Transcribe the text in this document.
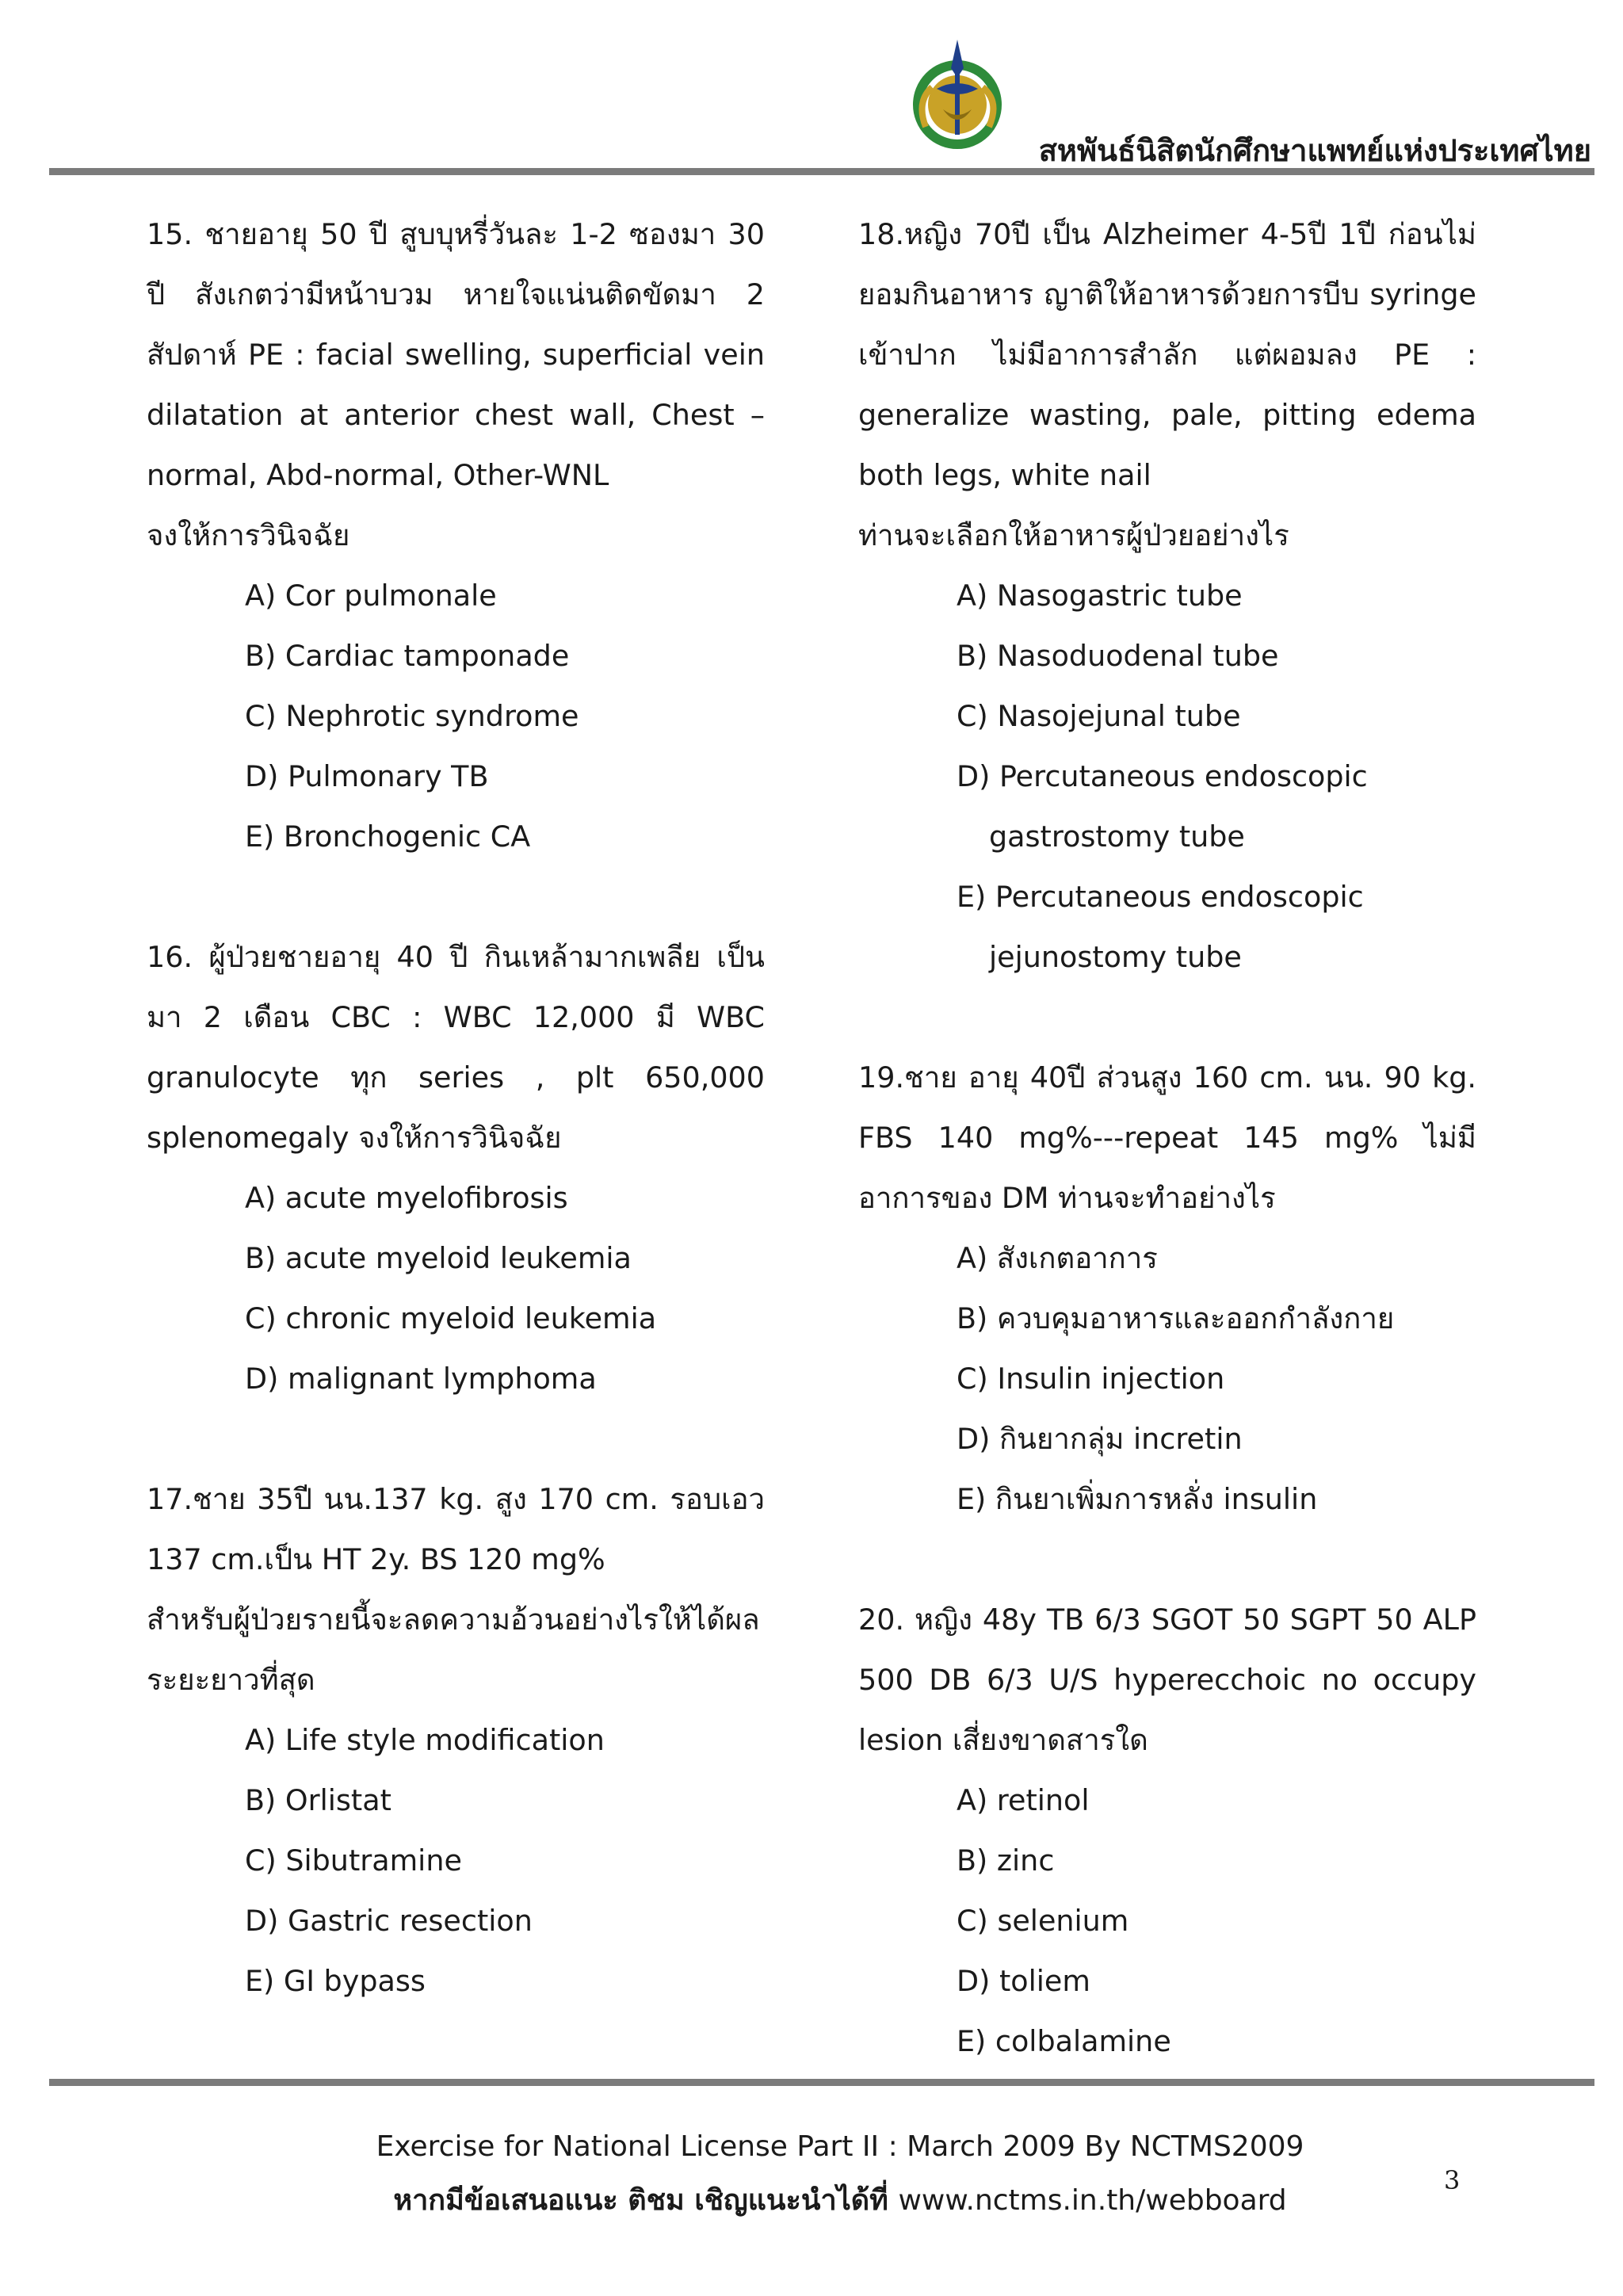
สหพันธ์นิสิตนักศึกษาแพทย์แห่งประเทศไทย

15. ชายอายุ 50 ปี สูบบุหรี่วันละ 1-2 ซองมา 30 ปี สังเกตว่ามีหน้าบวม หายใจแน่นติดขัดมา 2 สัปดาห์ PE : facial swelling, superficial vein dilatation at anterior chest wall, Chest –normal, Abd-normal, Other-WNL
จงให้การวินิจฉัย
A) Cor pulmonale
B) Cardiac tamponade
C) Nephrotic syndrome
D) Pulmonary TB
E) Bronchogenic CA
16. ผู้ป่วยชายอายุ 40 ปี กินเหล้ามากเพลีย เป็นมา 2 เดือน CBC : WBC 12,000 มี WBC granulocyte ทุก series , plt 650,000 splenomegaly จงให้การวินิจฉัย
A) acute myelofibrosis
B) acute myeloid leukemia
C) chronic myeloid leukemia
D) malignant lymphoma
17.ชาย 35ปี นน.137 kg. สูง 170 cm. รอบเอว 137 cm.เป็น HT 2y. BS 120 mg%
สำหรับผู้ป่วยรายนี้จะลดความอ้วนอย่างไรให้ได้ผลระยะยาวที่สุด
A) Life style modification
B) Orlistat
C) Sibutramine
D) Gastric resection
E) GI bypass
18.หญิง 70ปี เป็น Alzheimer 4-5ปี 1ปี ก่อนไม่ยอมกินอาหาร ญาติให้อาหารด้วยการบีบ syringe เข้าปาก ไม่มีอาการสำลัก แต่ผอมลง PE : generalize wasting, pale, pitting edema both legs, white nail
ท่านจะเลือกให้อาหารผู้ป่วยอย่างไร
A) Nasogastric tube
B) Nasoduodenal tube
C) Nasojejunal tube
D) Percutaneous endoscopic
gastrostomy tube
E) Percutaneous endoscopic
jejunostomy tube
19.ชาย อายุ 40ปี ส่วนสูง 160 cm. นน. 90 kg. FBS 140 mg%---repeat 145 mg% ไม่มีอาการของ DM ท่านจะทำอย่างไร
A) สังเกตอาการ
B) ควบคุมอาหารและออกกำลังกาย
C) Insulin injection
D) กินยากลุ่ม incretin
E) กินยาเพิ่มการหลั่ง insulin
20. หญิง 48y TB 6/3 SGOT 50 SGPT 50 ALP 500 DB 6/3 U/S hyperecchoic no occupy lesion เสี่ยงขาดสารใด
A) retinol
B) zinc
C) selenium
D) toliem
E) colbalamine
Exercise for National License Part II : March 2009 By NCTMS2009
หากมีข้อเสนอแนะ ติชม เชิญแนะนำได้ที่ www.nctms.in.th/webboard
3
